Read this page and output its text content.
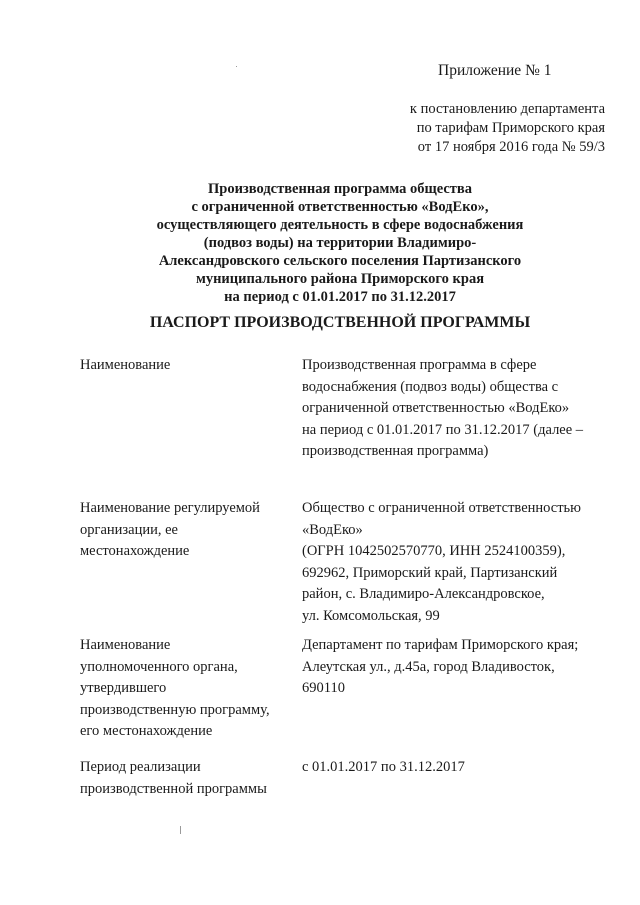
Приложение № 1
к постановлению департамента
по тарифам Приморского края
от 17 ноября 2016 года № 59/3
Производственная программа общества
с ограниченной ответственностью «ВодЕко»,
осуществляющего деятельность в сфере водоснабжения
(подвоз воды) на территории Владимиро-
Александровского сельского поселения Партизанского
муниципального района Приморского края
на период с 01.01.2017 по 31.12.2017
ПАСПОРТ ПРОИЗВОДСТВЕННОЙ ПРОГРАММЫ
Наименование	Производственная программа в сфере
водоснабжения (подвоз воды) общества с
ограниченной ответственностью «ВодЕко»
на период с 01.01.2017 по 31.12.2017 (далее –
производственная программа)
Наименование регулируемой
организации, ее
местонахождение
Общество с ограниченной ответственностью
«ВодЕко»
(ОГРН 1042502570770, ИНН 2524100359),
692962, Приморский край, Партизанский
район, с. Владимиро-Александровское,
ул. Комсомольская, 99
Наименование
уполномоченного органа,
утвердившего
производственную программу,
его местонахождение
Департамент по тарифам Приморского края;
Алеутская ул., д.45а, город Владивосток,
690110
Период реализации
производственной программы
с 01.01.2017 по 31.12.2017
